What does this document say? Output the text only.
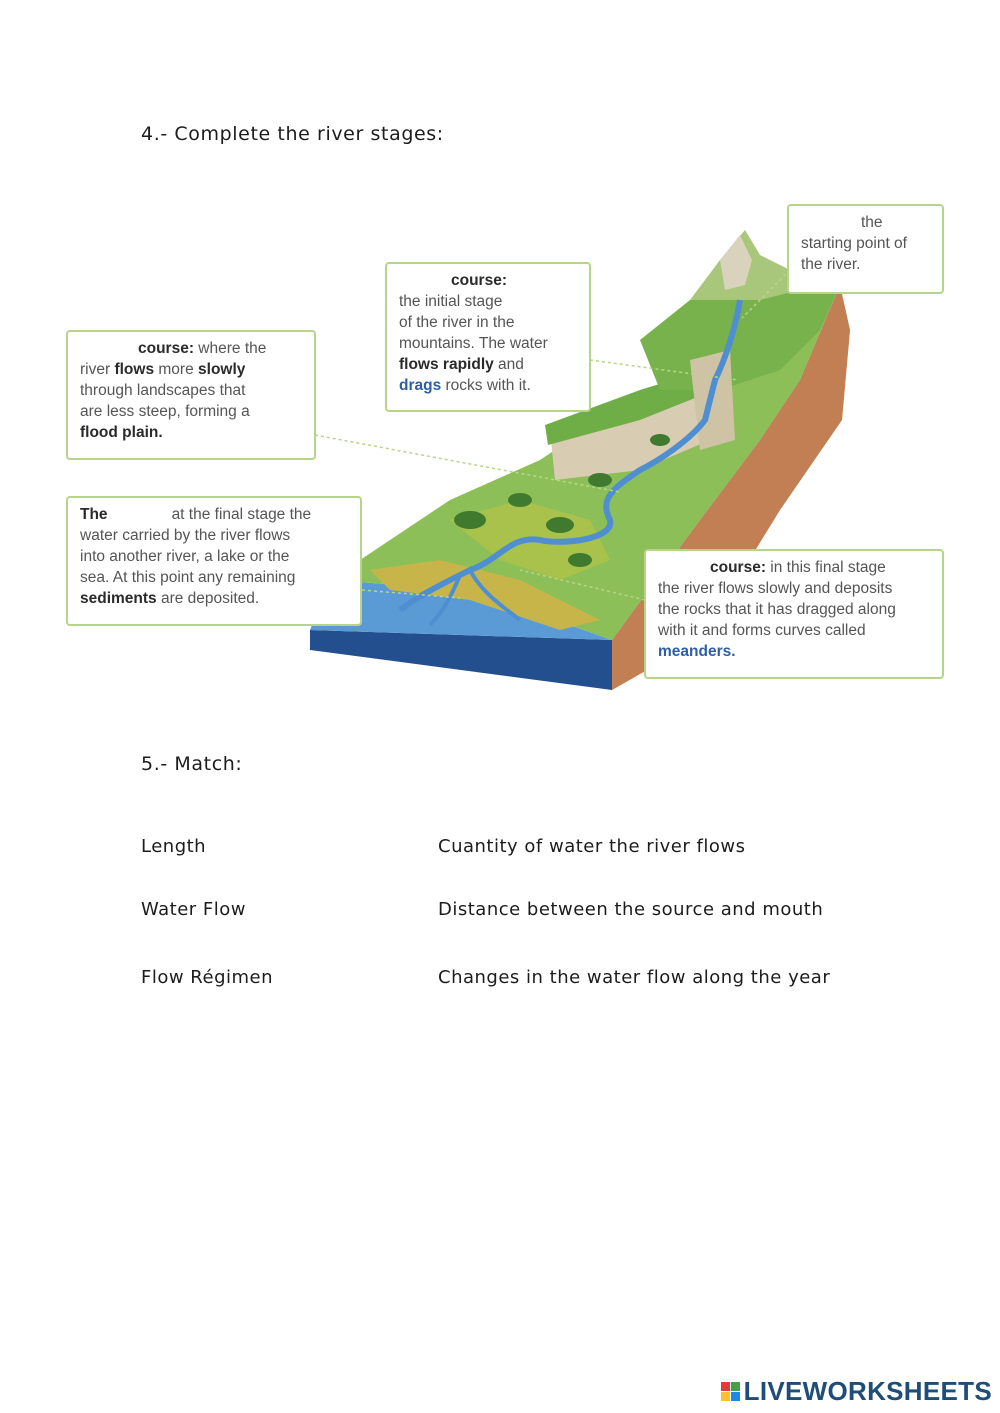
4.- Complete the river stages:
the
starting point of
the river.
course:
the initial stage
of the river in the
mountains. The water
flows rapidly and
drags rocks with it.
course: where the
river flows more slowly
through landscapes that
are less steep, forming a
flood plain.
The	at the final stage the
water carried by the river flows
into another river, a lake or the
sea. At this point any remaining
sediments are deposited.
course: in this final stage
the river flows slowly and deposits
the rocks that it has dragged along
with it and forms curves called
meanders.
5.- Match:
Length	Cuantity of water the river flows
Water Flow	Distance between the source and mouth
Flow Régimen	Changes in the water flow along the year
LIVEWORKSHEETS
